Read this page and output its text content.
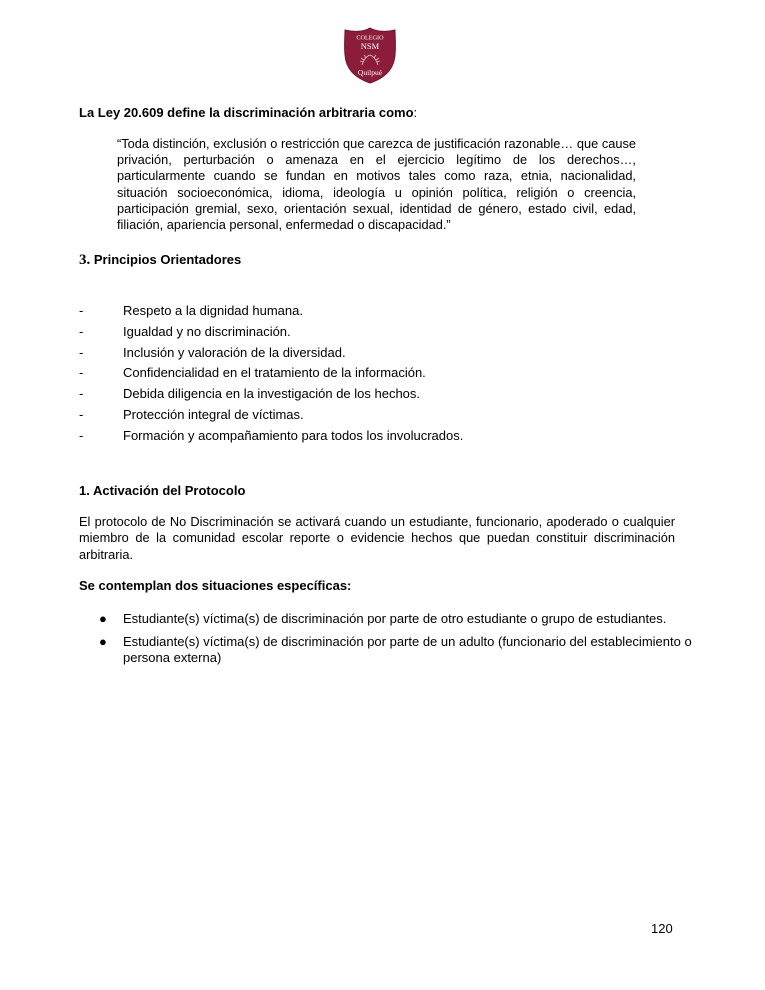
COLEGIO
NSM
Quilpué
La Ley 20.609 define la discriminación arbitraria como:
“Toda distinción, exclusión o restricción que carezca de justificación razonable… que cause privación, perturbación o amenaza en el ejercicio legítimo de los derechos…, particularmente cuando se fundan en motivos tales como raza, etnia, nacionalidad, situación socioeconómica, idioma, ideología u opinión política, religión o creencia, participación gremial, sexo, orientación sexual, identidad de género, estado civil, edad, filiación, apariencia personal, enfermedad o discapacidad.”
3. Principios Orientadores
-	Respeto a la dignidad humana.
-	Igualdad y no discriminación.
-	Inclusión y valoración de la diversidad.
-	Confidencialidad en el tratamiento de la información.
-	Debida diligencia en la investigación de los hechos.
-	Protección integral de víctimas.
-	Formación y acompañamiento para todos los involucrados.
1. Activación del Protocolo
El protocolo de No Discriminación se activará cuando un estudiante, funcionario, apoderado o cualquier miembro de la comunidad escolar reporte o evidencie hechos que puedan constituir discriminación arbitraria.
Se contemplan dos situaciones específicas:
● Estudiante(s) víctima(s) de discriminación por parte de otro estudiante o grupo de estudiantes.
● Estudiante(s) víctima(s) de discriminación por parte de un adulto (funcionario del establecimiento o persona externa)
120
